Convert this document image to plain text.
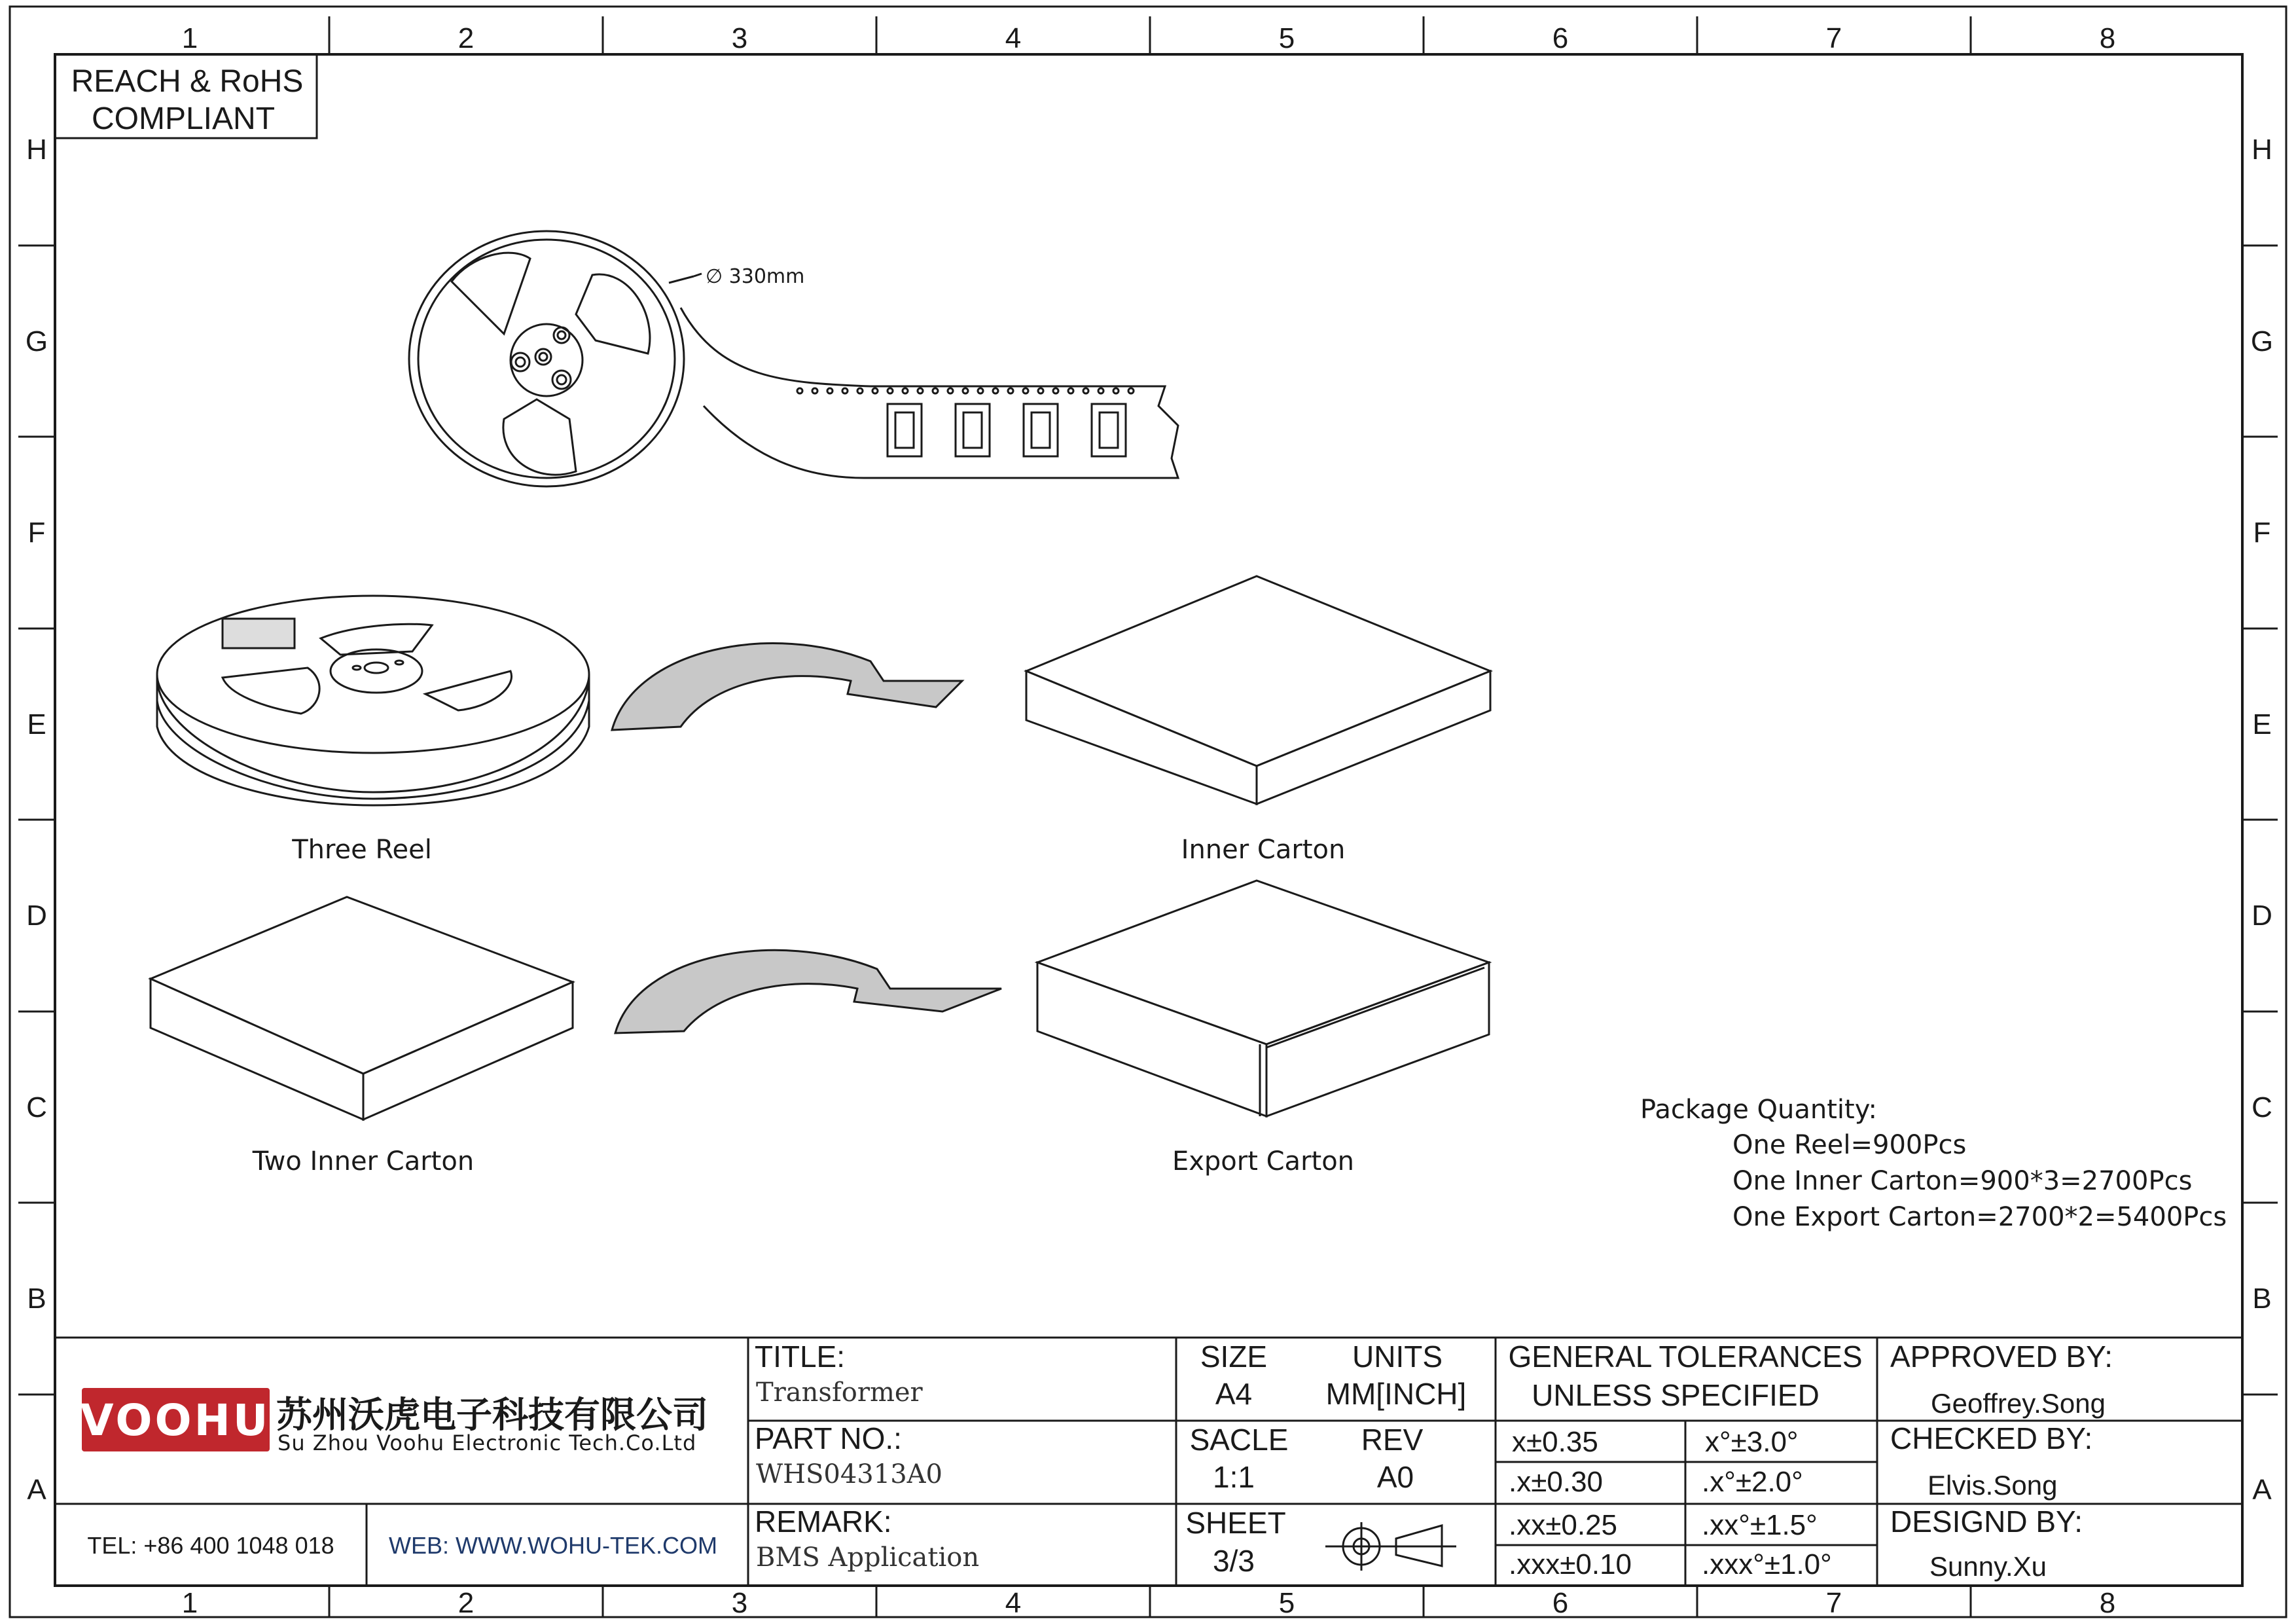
1	2	3	4	5	6	7	8
1	2	3	4	5	6	7	8
H
G
F
E
D
C
B
A
H
G
F
E
D
C
B
A
REACH & RoHS
COMPLIANT
∅ 330mm
Three Reel	Inner Carton
Two Inner Carton	Export Carton
Package Quantity:
One Reel=900Pcs
One Inner Carton=900*3=2700Pcs
One Export Carton=2700*2=5400Pcs
VOOHU 苏州沃虎电子科技有限公司
Su Zhou Voohu Electronic Tech.Co.Ltd
TEL: +86 400 1048 018 WEB: WWW.WOHU-TEK.COM
TITLE:
Transformer
PART NO.:
WHS04313A0
REMARK:
BMS Application
SIZE
A4
UNITS
MM[INCH]
SACLE
1:1
REV
A0
SHEET
3/3
GENERAL TOLERANCES
UNLESS SPECIFIED
x±0.35	x°±3.0°
.x±0.30	.x°±2.0°
.xx±0.25	.xx°±1.5°
.xxx±0.10 .xxx°±1.0°
APPROVED BY:
Geoffrey.Song
CHECKED BY:
Elvis.Song
DESIGND BY:
Sunny.Xu
